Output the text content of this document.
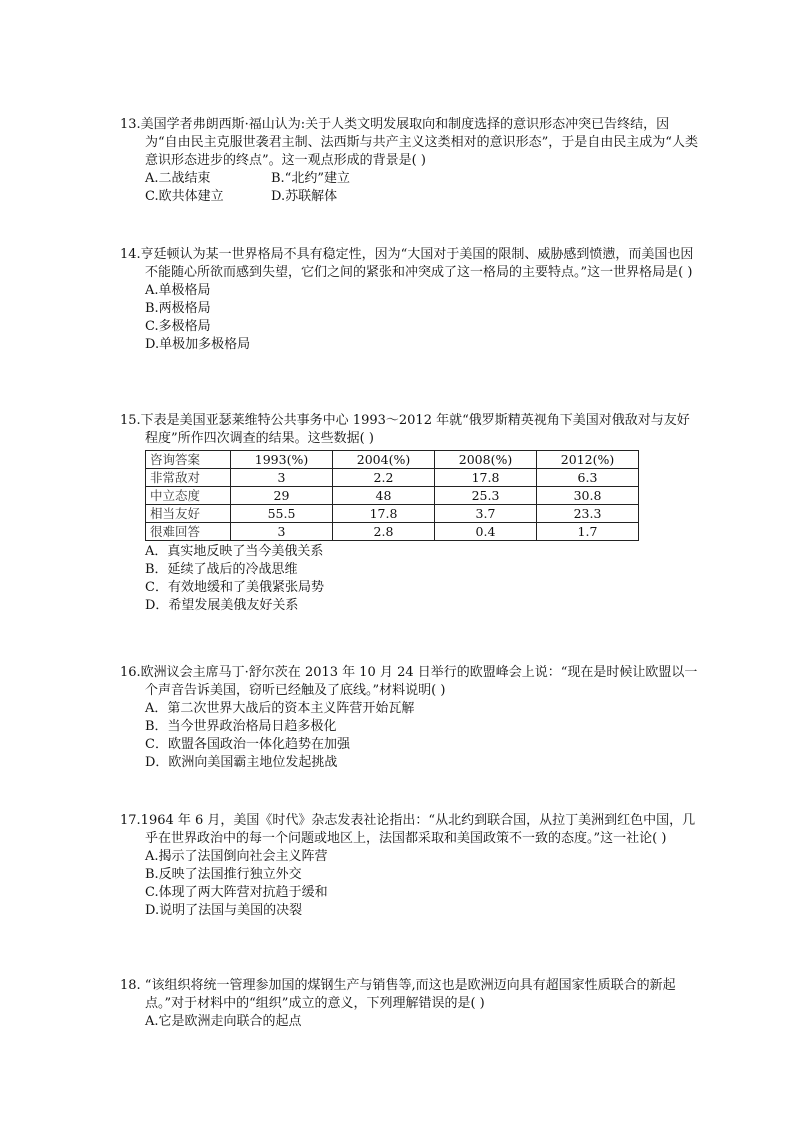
13.美国学者弗朗西斯·福山认为:关于人类文明发展取向和制度选择的意识形态冲突已告终结，因为“自由民主克服世袭君主制、法西斯与共产主义这类相对的意识形态”，于是自由民主成为“人类意识形态进步的终点”。这一观点形成的背景是( )

A.二战结束	B.“北约”建立
C.欧共体建立	D.苏联解体

14.亨廷顿认为某一世界格局不具有稳定性，因为“大国对于美国的限制、威胁感到愤懑，而美国也因不能随心所欲而感到失望，它们之间的紧张和冲突成了这一格局的主要特点。”这一世界格局是( )

A.单极格局

B.两极格局

C.多极格局

D.单极加多极格局

15.下表是美国亚瑟莱维特公共事务中心 1993～2012 年就“俄罗斯精英视角下美国对俄敌对与友好程度”所作四次调查的结果。这些数据( )

咨询答案	1993(%)	2004(%)	2008(%)	2012(%)
非常敌对	3	2.2	17.8	6.3
中立态度	29	48	25.3	30.8
相当友好	55.5	17.8	3.7	23.3
很难回答	3	2.8	0.4	1.7

A．真实地反映了当今美俄关系

B．延续了战后的冷战思维

C．有效地缓和了美俄紧张局势

D．希望发展美俄友好关系

16.欧洲议会主席马丁·舒尔茨在 2013 年 10 月 24 日举行的欧盟峰会上说：“现在是时候让欧盟以一个声音告诉美国，窃听已经触及了底线。”材料说明( )

A．第二次世界大战后的资本主义阵营开始瓦解

B．当今世界政治格局日趋多极化

C．欧盟各国政治一体化趋势在加强

D．欧洲向美国霸主地位发起挑战

17.1964 年 6 月，美国《时代》杂志发表社论指出：“从北约到联合国，从拉丁美洲到红色中国，几乎在世界政治中的每一个问题或地区上，法国都采取和美国政策不一致的态度。”这一社论( )

A.揭示了法国倒向社会主义阵营

B.反映了法国推行独立外交

C.体现了两大阵营对抗趋于缓和

D.说明了法国与美国的决裂

18. “该组织将统一管理参加国的煤钢生产与销售等,而这也是欧洲迈向具有超国家性质联合的新起点。”对于材料中的“组织”成立的意义，下列理解错误的是( )

A.它是欧洲走向联合的起点
